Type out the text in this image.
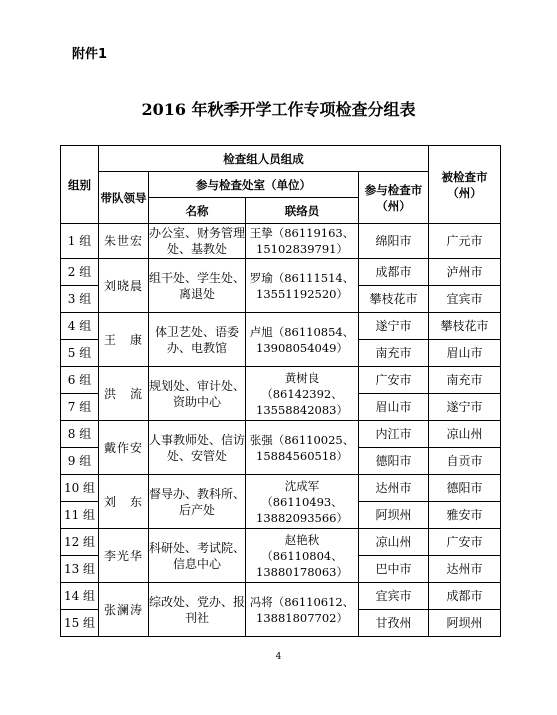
附件1
2016 年秋季开学工作专项检查分组表
组别	检查组人员组成				被检查市（州）
	带队领导	参与检查处室（单位）		参与检查市（州）	
		名称	联络员		
1 组	朱世宏	办公室、财务管理处、基教处	王挚（86119163、15102839791）	绵阳市	广元市
2 组	刘晓晨	组干处、学生处、离退处	罗瑜（86111514、13551192520）	成都市	泸州市
3 组				攀枝花市	宜宾市
4 组	王　康	体卫艺处、语委办、电教馆	卢旭（86110854、13908054049）	遂宁市	攀枝花市
5 组				南充市	眉山市
6 组	洪　流	规划处、审计处、资助中心	黄树良（86142392、13558842083）	广安市	南充市
7 组				眉山市	遂宁市
8 组	戴作安	人事教师处、信访处、安管处	张强（86110025、15884560518）	内江市	凉山州
9 组				德阳市	自贡市
10 组	刘　东	督导办、教科所、后产处	沈成军（86110493、13882093566）	达州市	德阳市
11 组				阿坝州	雅安市
12 组	李光华	科研处、考试院、信息中心	赵艳秋（86110804、13880178063）	凉山州	广安市
13 组				巴中市	达州市
14 组	张澜涛	综改处、党办、报刊社	冯将（86110612、13881807702）	宜宾市	成都市
15 组				甘孜州	阿坝州
4
